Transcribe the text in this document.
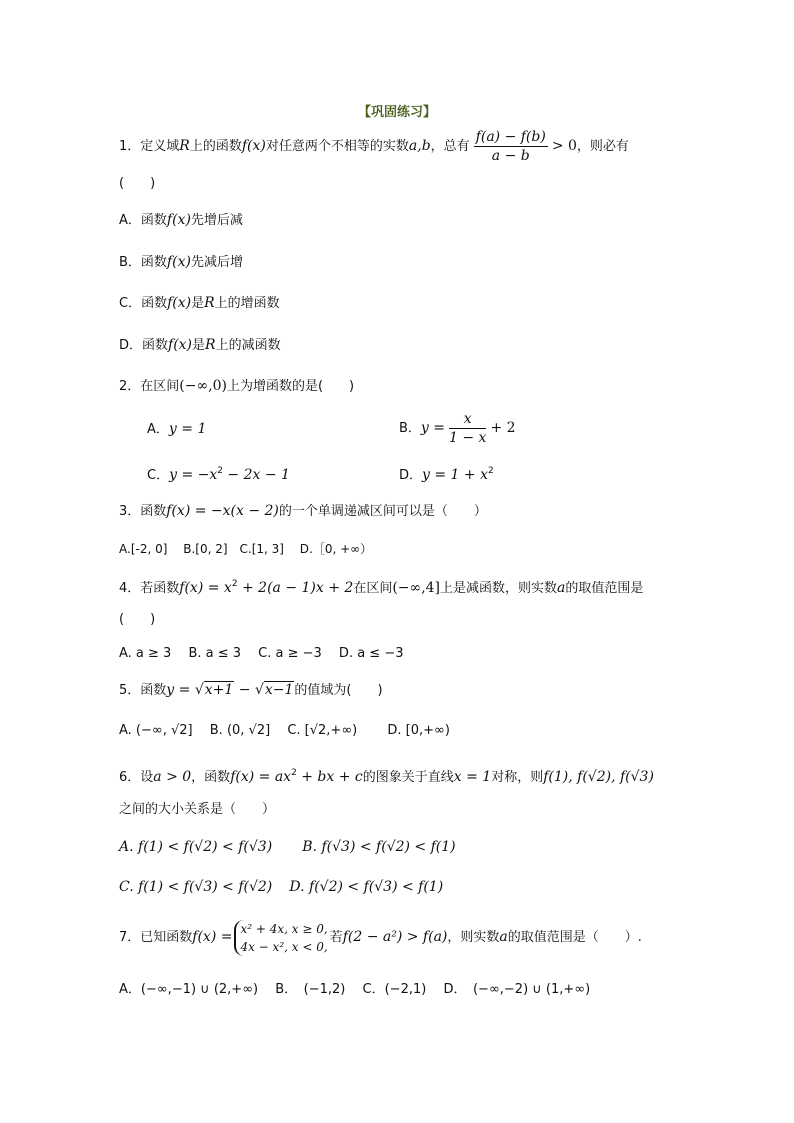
【巩固练习】
1．定义域R上的函数f(x)对任意两个不相等的实数a,b，总有 $\frac{f(a) - f(b)}{a - b} > 0$，则必有
(　　)
A．函数f(x)先增后减
B．函数f(x)先减后增
C．函数f(x)是R上的增函数
D．函数f(x)是R上的减函数
2．在区间(−∞,0)上为增函数的是(　　)
A．y = 1	B．$y = \frac{x}{1 - x} + 2$
C．$y = -x^2 - 2x - 1$	D．$y = 1 + x^2$
3．函数f(x) = −x(x − 2)的一个单调递减区间可以是（　　）
A.[-2, 0]　 B.[0, 2]　C.[1, 3]　 D.［0, +∞）
4．若函数$f(x) = x^2 + 2(a - 1)x + 2$在区间(−∞,4]上是减函数，则实数a的取值范围是
(　　)
A. a ≥ 3　 B. a ≤ 3　 C. a ≥ −3　 D. a ≤ −3
5．函数y = √x+1 − √x−1的值域为(　　)
A. (−∞, √2]　 B. (0, √2]　 C. [√2,+∞)　　 D. [0,+∞)
6．设a > 0，函数$f(x) = ax^2$ + bx + c的图象关于直线x = 1对称，则f(1), f(√2), f(√3)
之间的大小关系是（　　）
A. f(1) < f(√2) < f(√3)　　 B. f(√3) < f(√2) < f(1)
C. f(1) < f(√3) < f(√2)　 D. f(√2) < f(√3) < f(1)
7．已知函数f(x) =
x² + 4x, x ≥ 0,
4x − x², x < 0,
若f(2 − a²) > f(a)，则实数a的取值范围是（　　）.
A．(−∞,−1) ∪ (2,+∞)　 B．　(−1,2)　 C．(−2,1)　 D．　(−∞,−2) ∪ (1,+∞)
